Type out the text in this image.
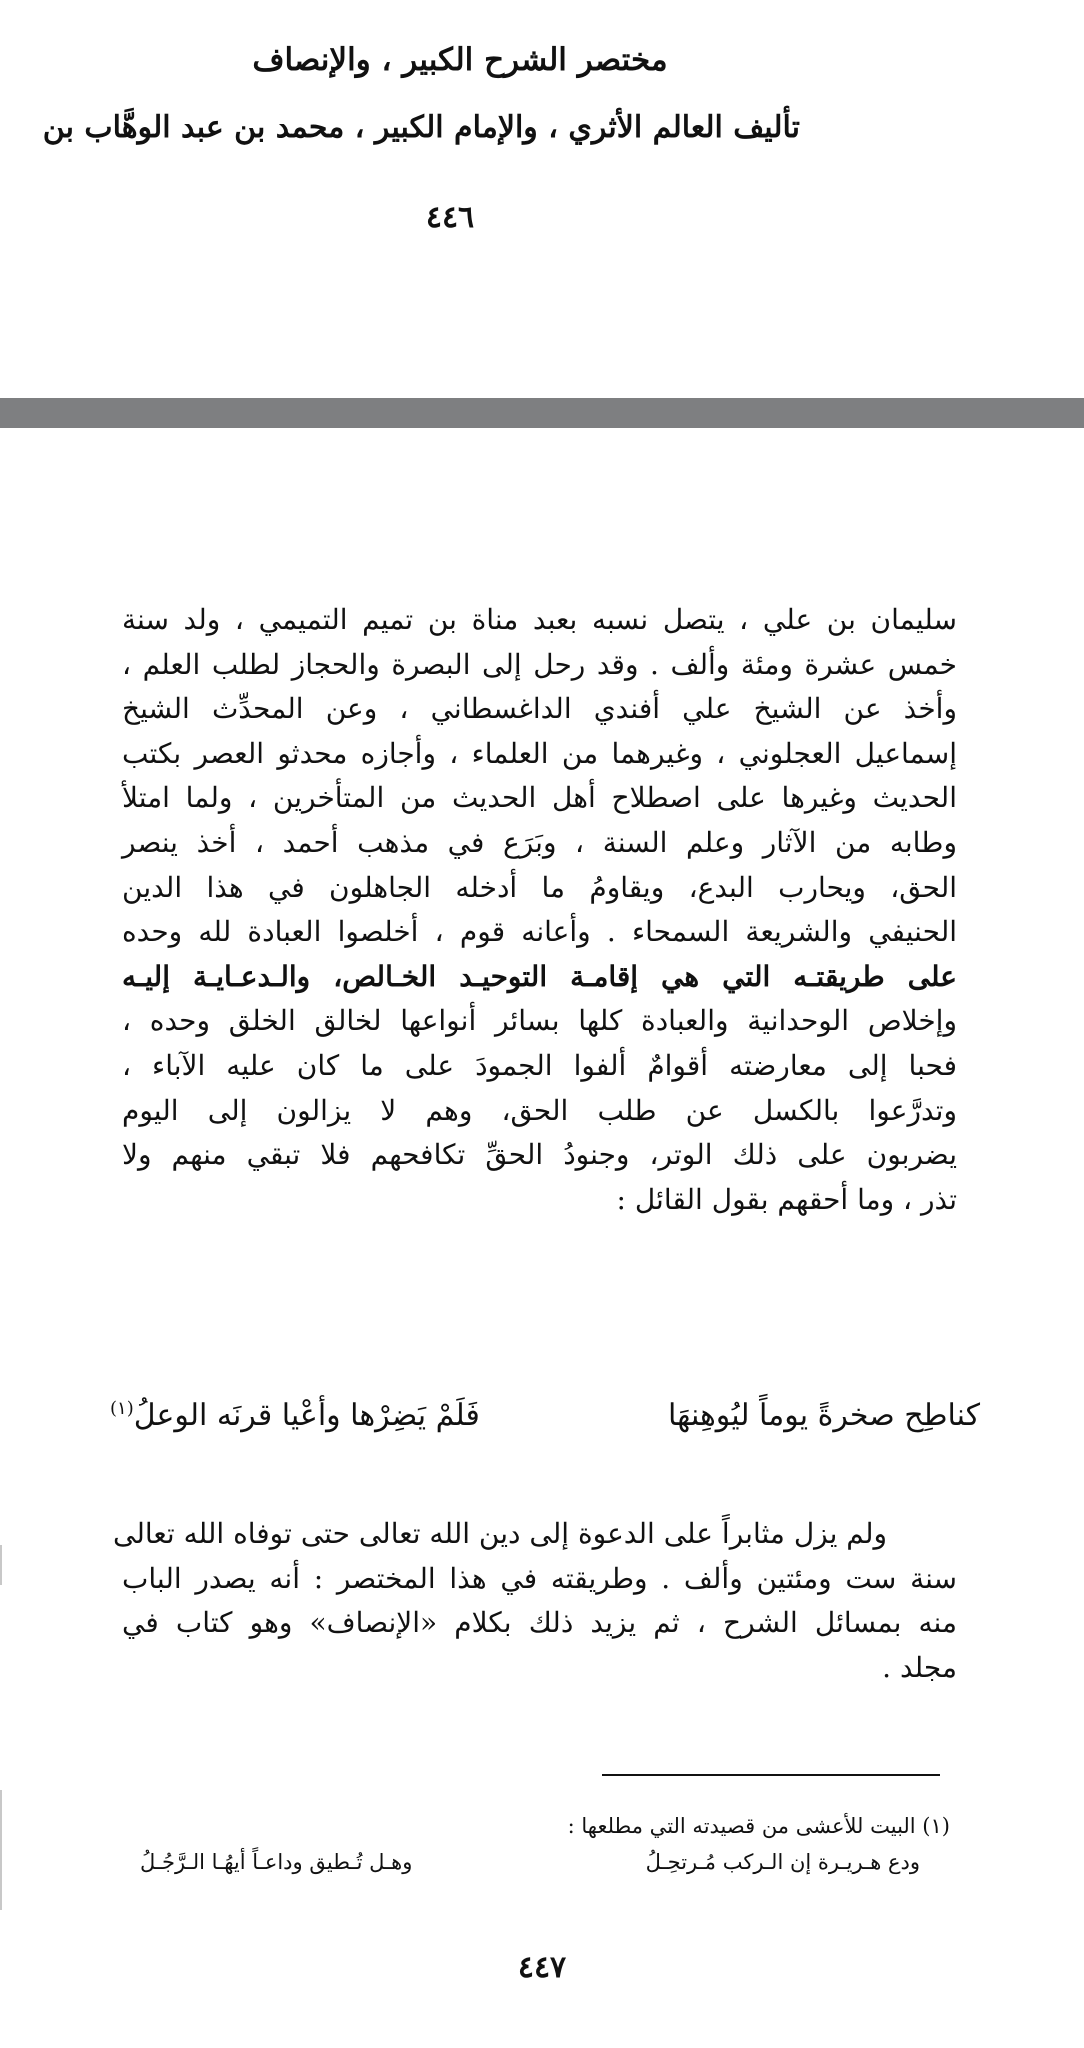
مختصر الشرح الكبير ، والإنصاف
تأليف العالم الأثري ، والإمام الكبير ، محمد بن عبد الوهَّاب بن
٤٤٦
سليمان بن علي ، يتصل نسبه بعبد مناة بن تميم التميمي ، ولد سنة
خمس عشرة ومئة وألف . وقد رحل إلى البصرة والحجاز لطلب العلم ،
وأخذ عن الشيخ علي أفندي الداغسطاني ، وعن المحدِّث الشيخ
إسماعيل العجلوني ، وغيرهما من العلماء ، وأجازه محدثو العصر بكتب
الحديث وغيرها على اصطلاح أهل الحديث من المتأخرين ، ولما امتلأ
وطابه من الآثار وعلم السنة ، وبَرَع في مذهب أحمد ، أخذ ينصر
الحق، ويحارب البدع، ويقاومُ ما أدخله الجاهلون في هذا الدين
الحنيفي والشريعة السمحاء . وأعانه قوم ، أخلصوا العبادة لله وحده
على طريقتـه التي هي إقامـة التوحيـد الخـالص، والـدعـايـة إليـه
وإخلاص الوحدانية والعبادة كلها بسائر أنواعها لخالق الخلق وحده ،
فحبا إلى معارضته أقوامٌ ألفوا الجمودَ على ما كان عليه الآباء ،
وتدرَّعوا بالكسل عن طلب الحق، وهم لا يزالون إلى اليوم
يضربون على ذلك الوتر، وجنودُ الحقِّ تكافحهم فلا تبقي منهم ولا
تذر ، وما أحقهم بقول القائل :
كناطِح صخرةً يوماً ليُوهِنهَا
فَلَمْ يَضِرْها وأعْيا قرنَه الوعلُ$^{(١)}$
ولم يزل مثابراً على الدعوة إلى دين الله تعالى حتى توفاه الله تعالى
سنة ست ومئتين وألف . وطريقته في هذا المختصر : أنه يصدر الباب
منه بمسائل الشرح ، ثم يزيد ذلك بكلام «الإنصاف» وهو كتاب في
مجلد .
(١) البيت للأعشى من قصيدته التي مطلعها :
ودع هـريـرة إن الـركب مُـرتحِـلُ
وهـل تُـطيق وداعـاً أيهُـا الـرَّجُـلُ
٤٤٧
